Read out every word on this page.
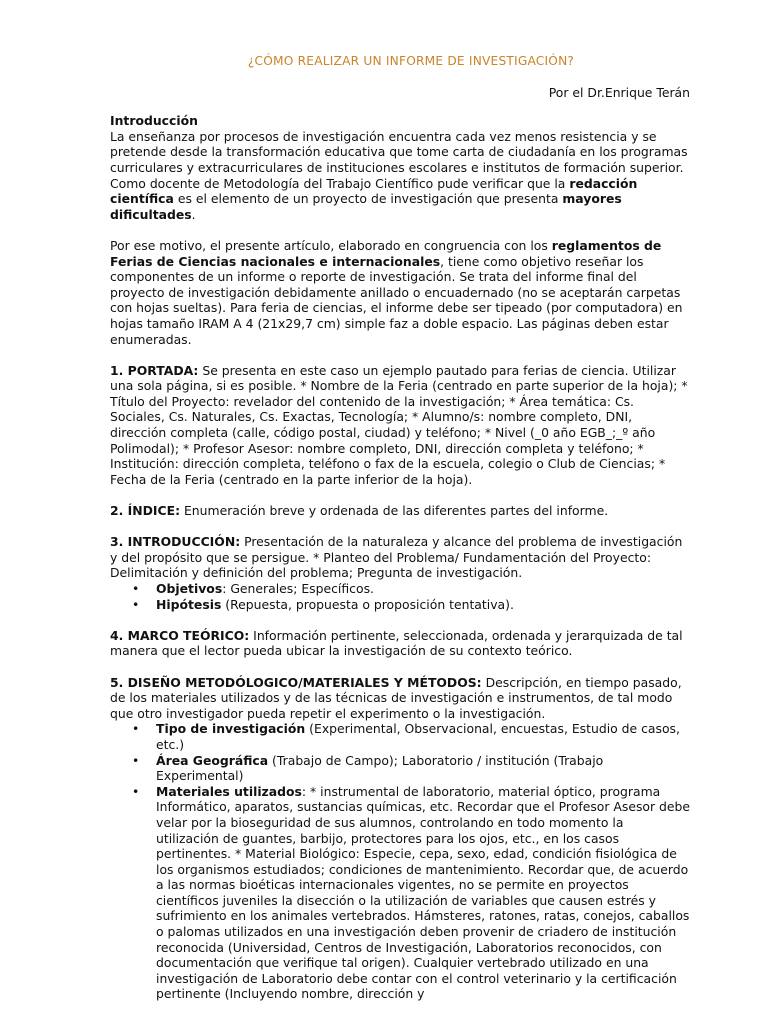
¿CÓMO REALIZAR UN INFORME DE INVESTIGACIÓN?

Por el Dr.Enrique Terán

Introducción
La enseñanza por procesos de investigación encuentra cada vez menos resistencia y se pretende desde la transformación educativa que tome carta de ciudadanía en los programas curriculares y extracurriculares de instituciones escolares e institutos de formación superior. Como docente de Metodología del Trabajo Científico pude verificar que la redacción científica es el elemento de un proyecto de investigación que presenta mayores dificultades.
Por ese motivo, el presente artículo, elaborado en congruencia con los reglamentos de Ferias de Ciencias nacionales e internacionales, tiene como objetivo reseñar los componentes de un informe o reporte de investigación. Se trata del informe final del proyecto de investigación debidamente anillado o encuadernado (no se aceptarán carpetas con hojas sueltas). Para feria de ciencias, el informe debe ser tipeado (por computadora) en hojas tamaño IRAM A 4 (21x29,7 cm) simple faz a doble espacio. Las páginas deben estar enumeradas.
1. PORTADA: Se presenta en este caso un ejemplo pautado para ferias de ciencia. Utilizar una sola página, si es posible. * Nombre de la Feria (centrado en parte superior de la hoja); * Título del Proyecto: revelador del contenido de la investigación; * Área temática: Cs. Sociales, Cs. Naturales, Cs. Exactas, Tecnología; * Alumno/s: nombre completo, DNI, dirección completa (calle, código postal, ciudad) y teléfono; * Nivel (_0 año EGB_;_º año Polimodal); * Profesor Asesor: nombre completo, DNI, dirección completa y teléfono; * Institución: dirección completa, teléfono o fax de la escuela, colegio o Club de Ciencias; * Fecha de la Feria (centrado en la parte inferior de la hoja).
2. ÍNDICE: Enumeración breve y ordenada de las diferentes partes del informe.
3. INTRODUCCIÓN: Presentación de la naturaleza y alcance del problema de investigación y del propósito que se persigue. * Planteo del Problema/ Fundamentación del Proyecto: Delimitación y definición del problema; Pregunta de investigación.
• Objetivos: Generales; Específicos.
• Hipótesis (Repuesta, propuesta o proposición tentativa).
4. MARCO TEÓRICO: Información pertinente, seleccionada, ordenada y jerarquizada de tal manera que el lector pueda ubicar la investigación de su contexto teórico.
5. DISEÑO METODÓLOGICO/MATERIALES Y MÉTODOS: Descripción, en tiempo pasado, de los materiales utilizados y de las técnicas de investigación e instrumentos, de tal modo que otro investigador pueda repetir el experimento o la investigación.
• Tipo de investigación (Experimental, Observacional, encuestas, Estudio de casos, etc.)
• Área Geográfica (Trabajo de Campo); Laboratorio / institución (Trabajo Experimental)
• Materiales utilizados: * instrumental de laboratorio, material óptico, programa Informático, aparatos, sustancias químicas, etc. Recordar que el Profesor Asesor debe velar por la bioseguridad de sus alumnos, controlando en todo momento la utilización de guantes, barbijo, protectores para los ojos, etc., en los casos pertinentes. * Material Biológico: Especie, cepa, sexo, edad, condición fisiológica de los organismos estudiados; condiciones de mantenimiento. Recordar que, de acuerdo a las normas bioéticas internacionales vigentes, no se permite en proyectos científicos juveniles la disección o la utilización de variables que causen estrés y sufrimiento en los animales vertebrados. Hámsteres, ratones, ratas, conejos, caballos o palomas utilizados en una investigación deben provenir de criadero de institución reconocida (Universidad, Centros de Investigación, Laboratorios reconocidos, con documentación que verifique tal origen). Cualquier vertebrado utilizado en una investigación de Laboratorio debe contar con el control veterinario y la certificación pertinente (Incluyendo nombre, dirección y
